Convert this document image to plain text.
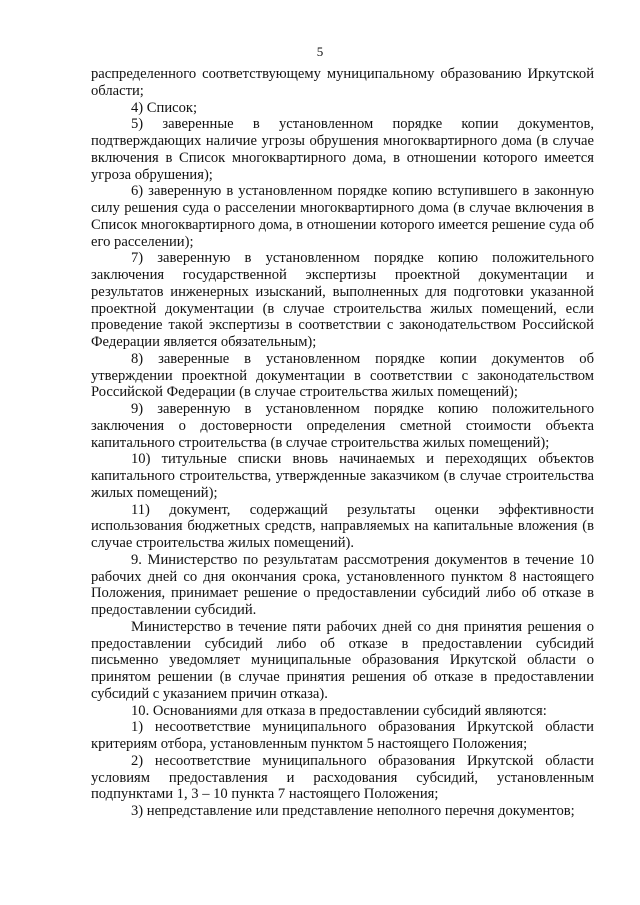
5

распределенного соответствующему муниципальному образованию Иркутской области;

4) Список;

5) заверенные в установленном порядке копии документов, подтверждающих наличие угрозы обрушения многоквартирного дома (в случае включения в Список многоквартирного дома, в отношении которого имеется угроза обрушения);

6) заверенную в установленном порядке копию вступившего в законную силу решения суда о расселении многоквартирного дома (в случае включения в Список многоквартирного дома, в отношении которого имеется решение суда об его расселении);

7) заверенную в установленном порядке копию положительного заключения государственной экспертизы проектной документации и результатов инженерных изысканий, выполненных для подготовки указанной проектной документации (в случае строительства жилых помещений, если проведение такой экспертизы в соответствии с законодательством Российской Федерации является обязательным);

8) заверенные в установленном порядке копии документов об утверждении проектной документации в соответствии с законодательством Российской Федерации (в случае строительства жилых помещений);

9) заверенную в установленном порядке копию положительного заключения о достоверности определения сметной стоимости объекта капитального строительства (в случае строительства жилых помещений);

10) титульные списки вновь начинаемых и переходящих объектов капитального строительства, утвержденные заказчиком (в случае строительства жилых помещений);

11) документ, содержащий результаты оценки эффективности использования бюджетных средств, направляемых на капитальные вложения (в случае строительства жилых помещений).

9. Министерство по результатам рассмотрения документов в течение 10 рабочих дней со дня окончания срока, установленного пунктом 8 настоящего Положения, принимает решение о предоставлении субсидий либо об отказе в предоставлении субсидий.

Министерство в течение пяти рабочих дней со дня принятия решения о предоставлении субсидий либо об отказе в предоставлении субсидий письменно уведомляет муниципальные образования Иркутской области о принятом решении (в случае принятия решения об отказе в предоставлении субсидий с указанием причин отказа).

10. Основаниями для отказа в предоставлении субсидий являются:

1) несоответствие муниципального образования Иркутской области критериям отбора, установленным пунктом 5 настоящего Положения;

2) несоответствие муниципального образования Иркутской области условиям предоставления и расходования субсидий, установленным подпунктами 1, 3 – 10 пункта 7 настоящего Положения;

3) непредставление или представление неполного перечня документов;
